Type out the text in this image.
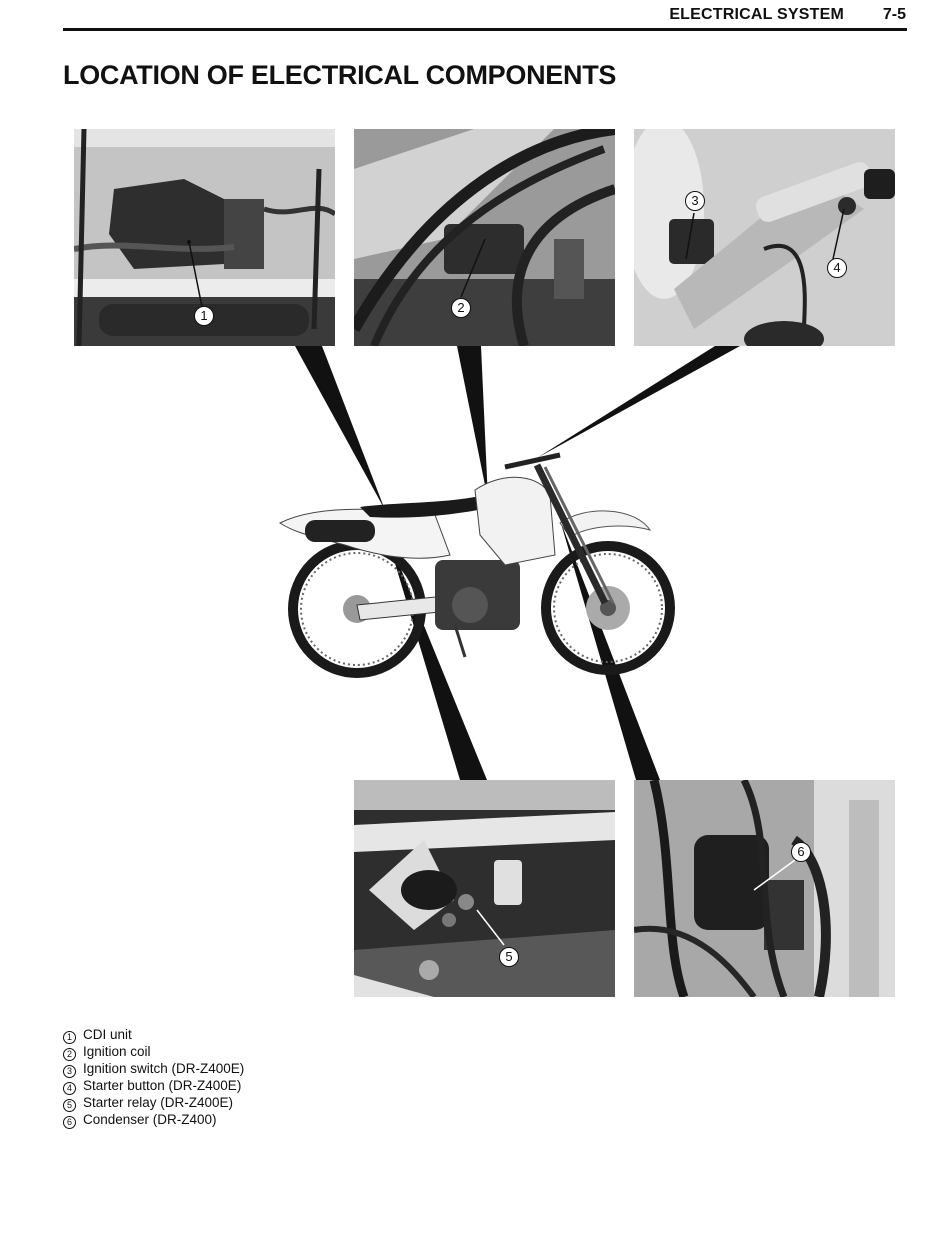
ELECTRICAL SYSTEM	7-5
LOCATION OF ELECTRICAL COMPONENTS
1
2
3
4
5
6
1 CDI unit
2 Ignition coil
3 Ignition switch (DR-Z400E)
4 Starter button (DR-Z400E)
5 Starter relay (DR-Z400E)
6 Condenser (DR-Z400)
